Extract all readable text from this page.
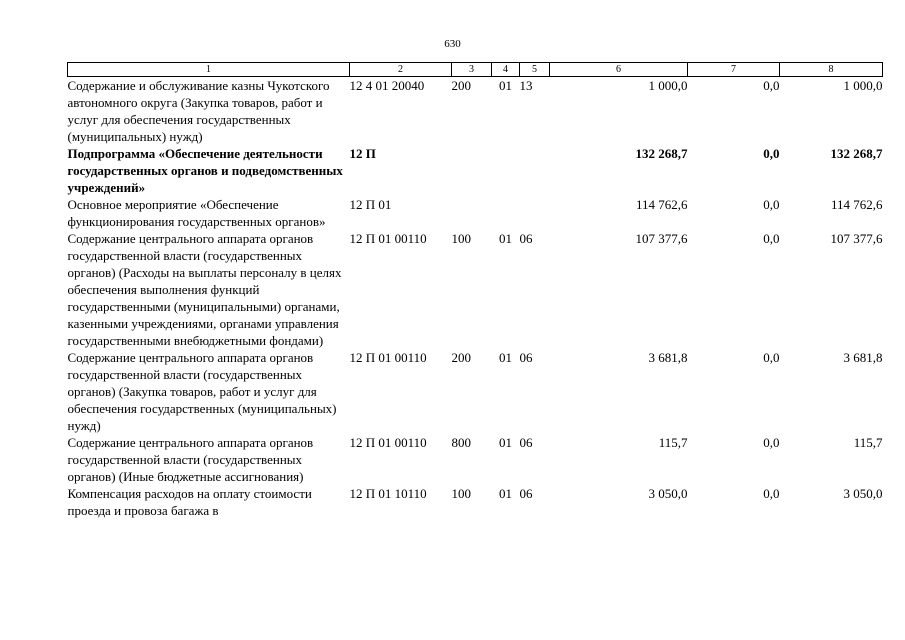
630
1	2	3	4	5	6	7	8
Содержание и обслуживание казны Чукотского автономного округа (Закупка товаров, работ и услуг для обеспечения государственных (муниципальных) нужд)	12 4 01 20040	200	01	13	1 000,0	0,0	1 000,0
Подпрограмма «Обеспечение деятельности государственных органов и подведомственных учреждений»	12 П				132 268,7	0,0	132 268,7
Основное мероприятие «Обеспечение функционирования государственных органов»	12 П 01				114 762,6	0,0	114 762,6
Содержание центрального аппарата органов государственной власти (государственных органов) (Расходы на выплаты персоналу в целях обеспечения выполнения функций государственными (муниципальными) органами, казенными учреждениями, органами управления государственными внебюджетными фондами)	12 П 01 00110	100	01	06	107 377,6	0,0	107 377,6
Содержание центрального аппарата органов государственной власти (государственных органов) (Закупка товаров, работ и услуг для обеспечения государственных (муниципальных) нужд)	12 П 01 00110	200	01	06	3 681,8	0,0	3 681,8
Содержание центрального аппарата органов государственной власти (государственных органов) (Иные бюджетные ассигнования)	12 П 01 00110	800	01	06	115,7	0,0	115,7
Компенсация расходов на оплату стоимости проезда и провоза багажа в	12 П 01 10110	100	01	06	3 050,0	0,0	3 050,0
